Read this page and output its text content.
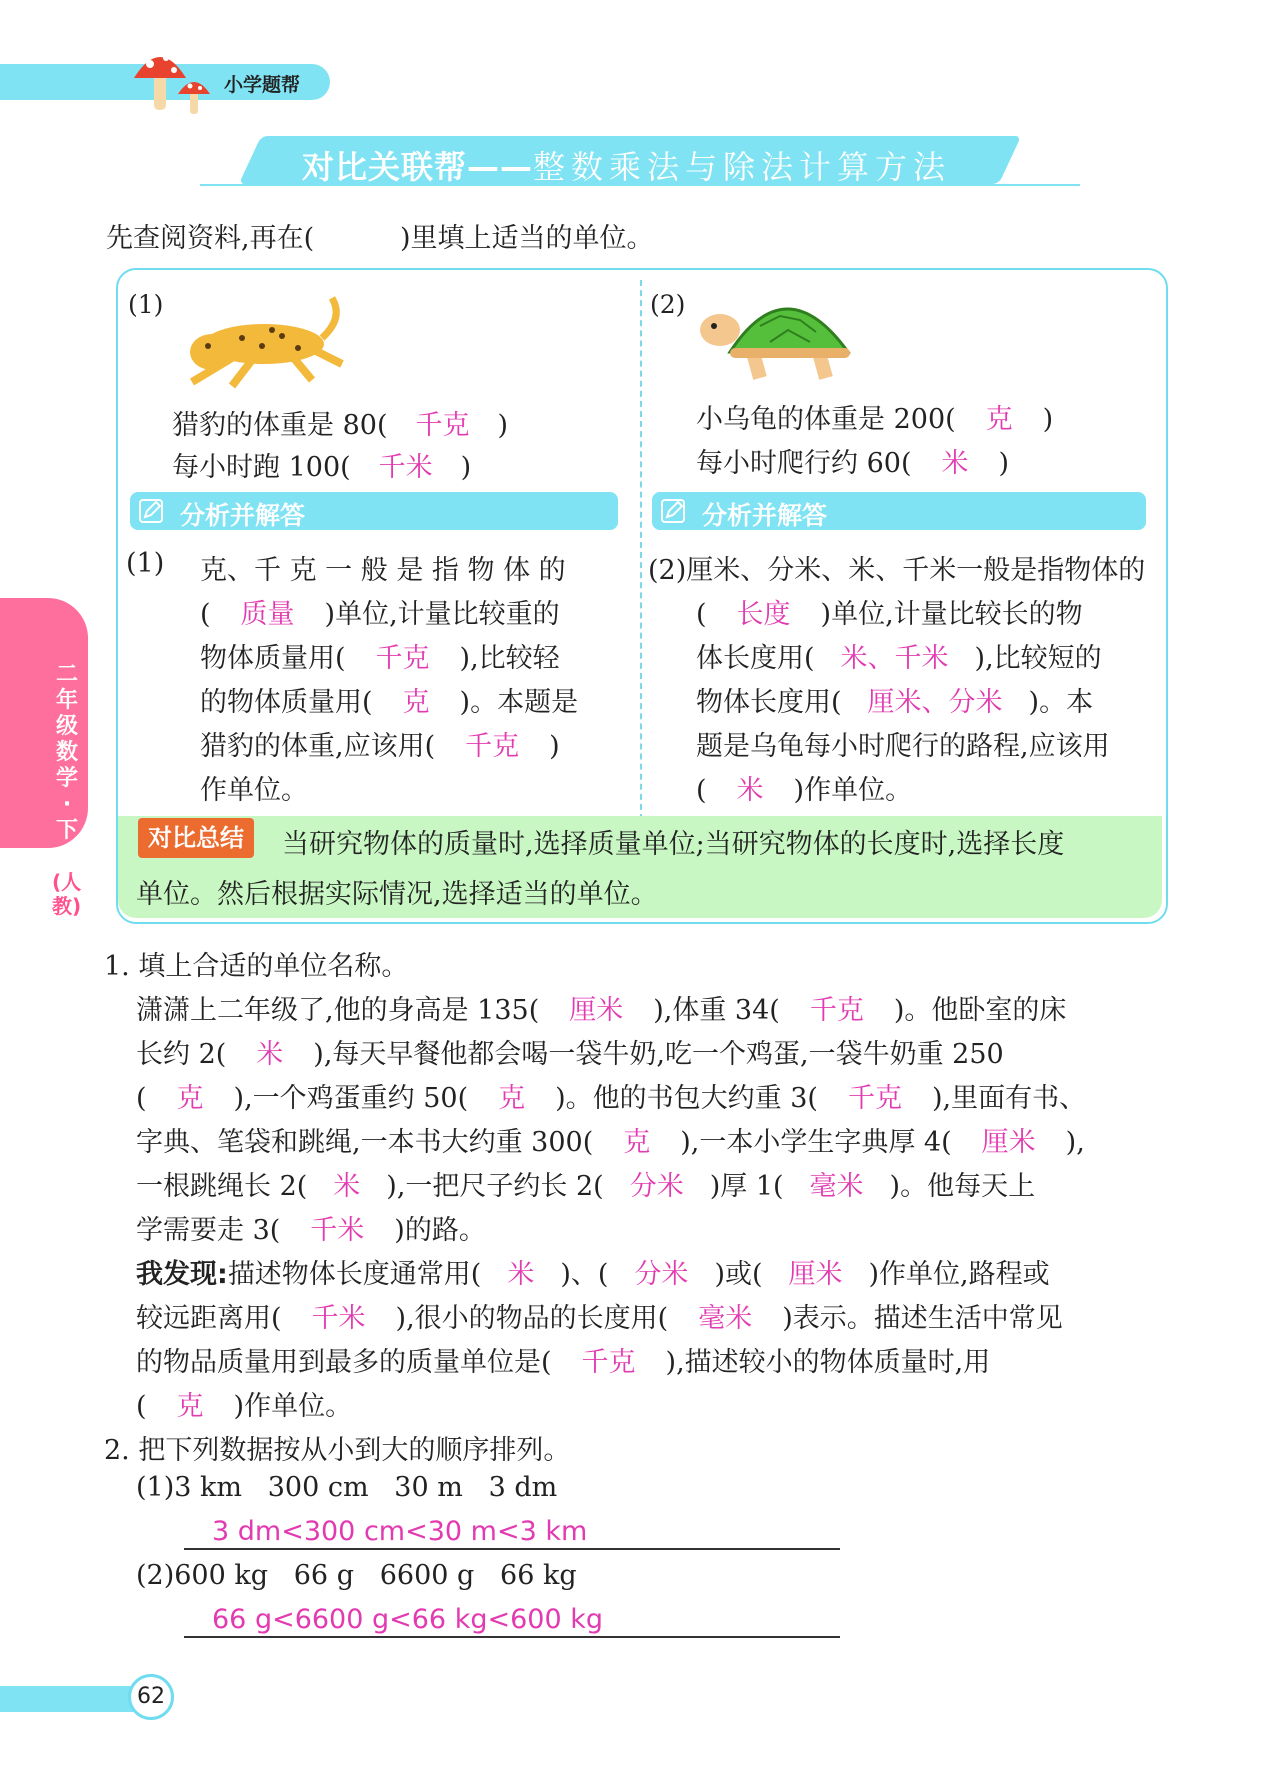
小学题帮
对比关联帮——整数乘法与除法计算方法
先查阅资料,再在(          )里填上适当的单位。
(1)
猎豹的体重是 80( 千克 )
每小时跑 100( 千米 )
分析并解答
(1) 克、千 克 一 般 是 指 物 体 的
( 质量 )单位,计量比较重的
物体质量用( 千克 ),比较轻
的物体质量用( 克 )。本题是
猎豹的体重,应该用( 千克 )
作单位。
(2)
小乌龟的体重是 200( 克 )
每小时爬行约 60( 米 )
分析并解答
(2)厘米、分米、米、千米一般是指物体的
( 长度 )单位,计量比较长的物
体长度用( 米、千米 ),比较短的
物体长度用( 厘米、分米 )。本
题是乌龟每小时爬行的路程,应该用
( 米 )作单位。
对比总结	当研究物体的质量时,选择质量单位;当研究物体的长度时,选择长度
单位。然后根据实际情况,选择适当的单位。
二年级数学·下
(人教)
1. 填上合适的单位名称。
潇潇上二年级了,他的身高是 135( 厘米 ),体重 34( 千克 )。他卧室的床
长约 2( 米 ),每天早餐他都会喝一袋牛奶,吃一个鸡蛋,一袋牛奶重 250
( 克 ),一个鸡蛋重约 50( 克 )。他的书包大约重 3( 千克 ),里面有书、
字典、笔袋和跳绳,一本书大约重 300( 克 ),一本小学生字典厚 4( 厘米 ),
一根跳绳长 2( 米 ),一把尺子约长 2( 分米 )厚 1( 毫米 )。他每天上
学需要走 3( 千米 )的路。
我发现:描述物体长度通常用( 米 )、( 分米 )或( 厘米 )作单位,路程或
较远距离用( 千米 ),很小的物品的长度用( 毫米 )表示。描述生活中常见
的物品质量用到最多的质量单位是( 千克 ),描述较小的物体质量时,用
( 克 )作单位。
2. 把下列数据按从小到大的顺序排列。
(1)3 km   300 cm   30 m   3 dm
3 dm<300 cm<30 m<3 km
(2)600 kg   66 g   6600 g   66 kg
66 g<6600 g<66 kg<600 kg
62
